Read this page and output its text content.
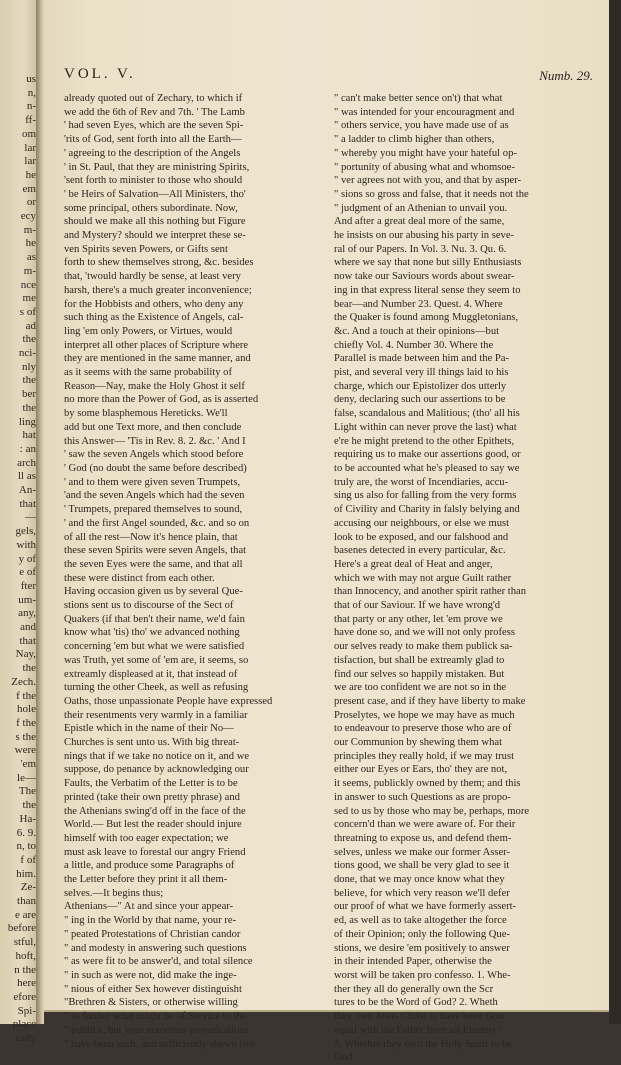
us
n,
n-
ff-
om
lar
lar
he
em
or
ecy
m-
he
as
m-
nce
me
s of
ad
the
nci-
nly
the
ber
the
ling
hat
: an
arch
ll as
An-
that
—
gels,
with
y of
e of
fter
um-
any,
and
that
Nay,
the
Zech.
f the
hole
f the
s the
were
'em
le—
The
the
Ha-
6. 9.
n, to
f of
him.
Ze-
than
e are
before
stful,
hoft,
n the
here
efore
Spi-
place
eady
VOL. V.	Numb. 29.
already quoted out of Zechary, to which if
we add the 6th of Rev and 7th. ' The Lamb
' had seven Eyes, which are the seven Spi-
'rits of God, sent forth into all the Earth—
' agreeing to the description of the Angels
' in St. Paul, that they are ministring Spirits,
'sent forth to minister to those who should
' be Heirs of Salvation—All Ministers, tho'
some principal, others subordinate. Now,
should we make all this nothing but Figure
and Mystery? should we interpret these se-
ven Spirits seven Powers, or Gifts sent
forth to shew themselves strong, &c. besides
that, 'twould hardly be sense, at least very
harsh, there's a much greater inconvenience;
for the Hobbists and others, who deny any
such thing as the Existence of Angels, cal-
ling 'em only Powers, or Virtues, would
interpret all other places of Scripture where
they are mentioned in the same manner, and
as it seems with the same probability of
Reason—Nay, make the Holy Ghost it self
no more than the Power of God, as is asserted
by some blasphemous Hereticks. We'll
add but one Text more, and then conclude
this Answer— 'Tis in Rev. 8. 2. &c. ' And I
' saw the seven Angels which stood before
' God (no doubt the same before described)
' and to them were given seven Trumpets,
'and the seven Angels which had the seven
' Trumpets, prepared themselves to sound,
' and the first Angel sounded, &c. and so on
of all the rest—Now it's hence plain, that
these seven Spirits were seven Angels, that
the seven Eyes were the same, and that all
these were distinct from each other.
Having occasion given us by several Que-
stions sent us to discourse of the Sect of
Quakers (if that ben't their name, we'd fain
know what 'tis) tho' we advanced nothing
concerning 'em but what we were satisfied
was Truth, yet some of 'em are, it seems, so
extreamly displeased at it, that instead of
turning the other Cheek, as well as refusing
Oaths, those unpassionate People have expressed
their resentments very warmly in a familiar
Epistle which in the name of their No—
Churches is sent unto us. With big threat-
nings that if we take no notice on it, and we
suppose, do penance by acknowledging our
Faults, the Verbatim of the Letter is to be
printed (take their own pretty phrase) and
the Athenians swing'd off in the face of the
World.— But lest the reader should injure
himself with too eager expectation; we
must ask leave to forestal our angry Friend
a little, and produce some Paragraphs of
the Letter before they print it all them-
selves.—It begins thus;
Athenians—" At and since your appear-
" ing in the World by that name, your re-
" peated Protestations of Christian candor
" and modesty in answering such questions
" as were fit to be answer'd, and total silence
" in such as were not, did make the inge-
" nious of either Sex however distinguisht
"Brethren & Sisters, or otherwise willing
" to further what might be of Service to the
" publick, but your notorious prevarications
" have been such, and sufficiently shewn (we
" can't make better sence on't) that what
" was intended for your encouragment and
" others service, you have made use of as
" a ladder to climb higher than others,
" whereby you might have your hateful op-
" portunity of abusing what and whomsoe-
" ver agrees not with you, and that by asper-
" sions so gross and false, that it needs not the
" judgment of an Athenian to unvail you.
And after a great deal more of the same,
he insists on our abusing his party in seve-
ral of our Papers. In Vol. 3. Nu. 3. Qu. 6.
where we say that none but silly Enthusiasts
now take our Saviours words about swear-
ing in that express literal sense they seem to
bear—and Number 23. Quest. 4. Where
the Quaker is found among Muggletonians,
&c. And a touch at their opinions—but
chiefly Vol. 4. Number 30. Where the
Parallel is made between him and the Pa-
pist, and several very ill things laid to his
charge, which our Epistolizer dos utterly
deny, declaring such our assertions to be
false, scandalous and Malitious; (tho' all his
Light within can never prove the last) what
e're he might pretend to the other Epithets,
requiring us to make our assertions good, or
to be accounted what he's pleased to say we
truly are, the worst of Incendiaries, accu-
sing us also for falling from the very forms
of Civility and Charity in falsly belying and
accusing our neighbours, or else we must
look to be exposed, and our falshood and
basenes detected in every particular, &c.
Here's a great deal of Heat and anger,
which we with may not argue Guilt rather
than Innocency, and another spirit rather than
that of our Saviour. If we have wrong'd
that party or any other, let 'em prove we
have done so, and we will not only profess
our selves ready to make them publick sa-
tisfaction, but shall be extreamly glad to
find our selves so happily mistaken. But
we are too confident we are not so in the
present case, and if they have liberty to make
Proselytes, we hope we may have as much
to endeavour to preserve those who are of
our Communion by shewing them what
principles they really hold, if we may trust
either our Eyes or Ears, tho' they are not,
it seems, publickly owned by them; and this
in answer to such Questions as are propo-
sed to us by those who may be, perhaps, more
concern'd than we were aware of. For their
threatning to expose us, and defend them-
selves, unless we make our former Asser-
tions good, we shall be very glad to see it
done, that we may once know what they
believe, for which very reason we'll defer
our proof of what we have formerly assert-
ed, as well as to take altogether the force
of their Opinion; only the following Que-
stions, we desire 'em positively to answer
in their intended Paper, otherwise the
worst will be taken pro confesso. 1. Whe-
ther they all do generally own the Scr
tures to be the Word of God? 2. Wheth
they own Jesus Christ to have been God
equal with the Father from all Eternity?
3. Whether they own the Holy Spirit to be
God
